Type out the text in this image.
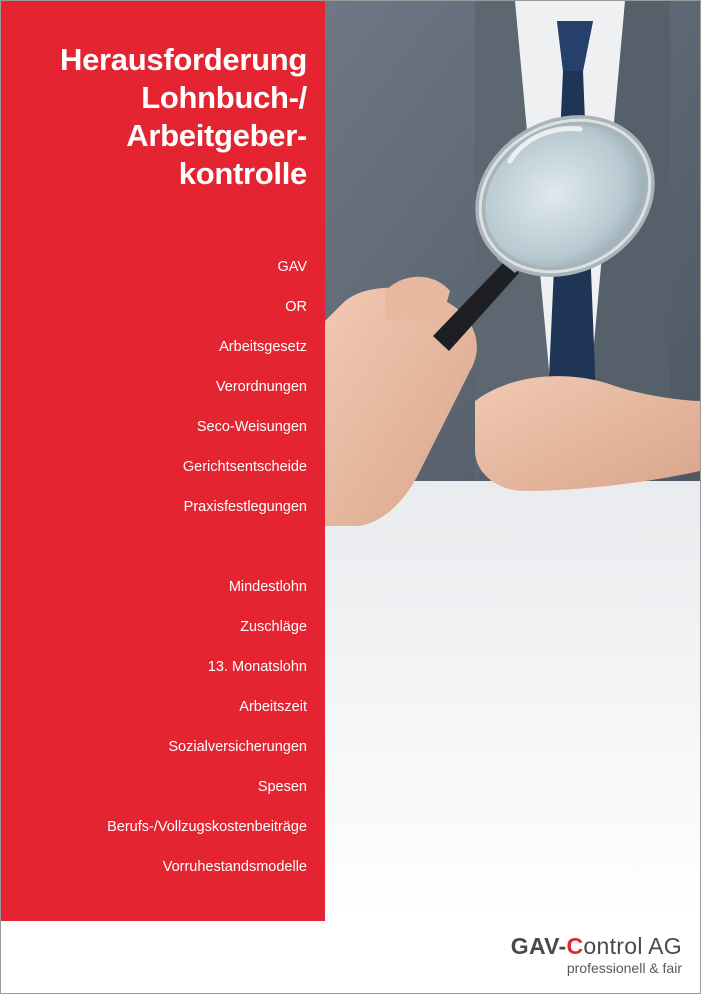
Herausforderung
Lohnbuch-/
Arbeitgeber-
kontrolle
GAV
OR
Arbeitsgesetz
Verordnungen
Seco-Weisungen
Gerichtsentscheide
Praxisfestlegungen
Mindestlohn
Zuschläge
13. Monatslohn
Arbeitszeit
Sozialversicherungen
Spesen
Berufs-/Vollzugskostenbeiträge
Vorruhestandsmodelle
GAV-Control AG
professionell & fair
